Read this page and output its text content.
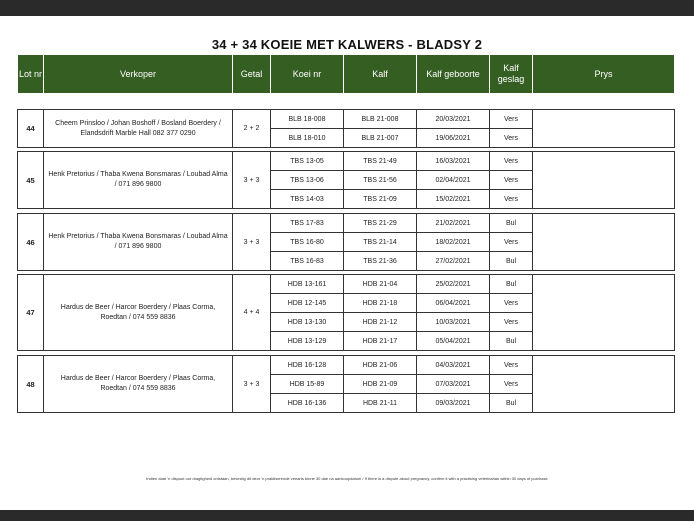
34 + 34 KOEIE MET KALWERS - BLADSY 2
Lot nr	Verkoper	Getal	Koei nr	Kalf	Kalf geboorte	Kalf geslag	Prys
44	Cheem Prinsloo / Johan Boshoff / Bosland Boerdery / Elandsdrift Marble Hall 082 377 0290	2 + 2	BLB 18-008	BLB 21-008	20/03/2021	Vers	
			BLB 18-010	BLB 21-007	19/06/2021	Vers	
45	Henk Pretorius / Thaba Kwena Bonsmaras / Loubad Alma / 071 896 9800	3 + 3	TBS 13-05	TBS 21-49	16/03/2021	Vers	
			TBS 13-06	TBS 21-56	02/04/2021	Vers	
			TBS 14-03	TBS 21-09	15/02/2021	Vers	
46	Henk Pretorius / Thaba Kwena Bonsmaras / Loubad Alma / 071 896 9800	3 + 3	TBS 17-83	TBS 21-29	21/02/2021	Bul	
			TBS 16-80	TBS 21-14	18/02/2021	Vers	
			TBS 16-83	TBS 21-36	27/02/2021	Bul	
47	Hardus de Beer / Harcor Boerdery / Plaas Corma, Roedtan / 074 559 8836	4 + 4	HDB 13-161	HDB 21-04	25/02/2021	Bul	
			HDB 12-145	HDB 21-18	06/04/2021	Vers	
			HDB 13-130	HDB 21-12	10/03/2021	Vers	
			HDB 13-129	HDB 21-17	05/04/2021	Bul	
48	Hardus de Beer / Harcor Boerdery / Plaas Corma, Roedtan / 074 559 8836	3 + 3	HDB 16-128	HDB 21-06	04/03/2021	Vers	
			HDB 15-89	HDB 21-09	07/03/2021	Vers	
			HDB 16-136	HDB 21-11	09/03/2021	Bul	
Indien daar 'n dispuut oor dragtigheid ontstaan, bevestig dit deur 'n praktiserende veearts binne 30 dae na aankoopdatum / If there is a dispute about pregnancy, confirm it with a practising veterinarian within 30 days of purchase
